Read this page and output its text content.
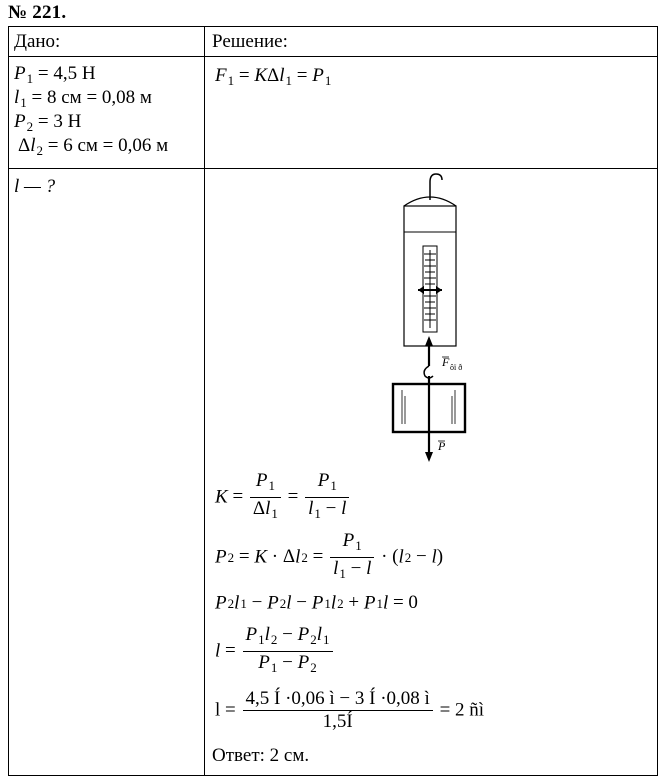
№ 221.
Дано:	Решение:
$P_1 = 4,5$ Н
$l_1 = 8$ см = 0,08 м
$P_2 = 3$ Н
$\Delta l_2 = 6$ см = 0,06 м
l — ?
$F_1 = K\Delta l_1 = P_1$
F ôï ð
P
$K = \frac{P_1}{\Delta l_1} = \frac{P_1}{l_1 - l}$
$P2 = K \cdot \Delta l2 = \frac{P_1}{l_1 - l} \cdot (l2 - l)$
P2l1 − P2l − P1l2 + P1l = 0
$l = \frac{P_1l_2 - P_2l_1}{P_1 - P_2}$
$l = \frac{4,5 Í \cdot 0,06 ì - 3 Í \cdot 0,08 ì}{1,5Í} = 2$ ñì
Ответ: 2 см.
